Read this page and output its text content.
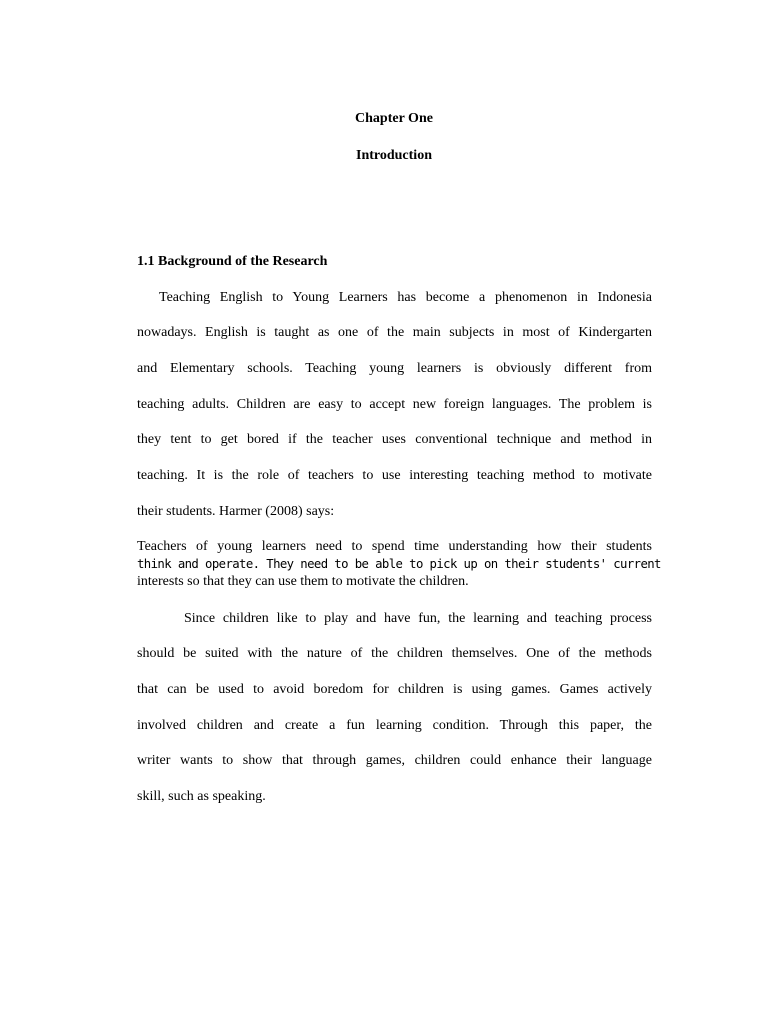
Chapter One
Introduction
1.1 Background of the Research
Teaching English to Young Learners has become a phenomenon in Indonesia
nowadays. English is taught as one of the main subjects in most of Kindergarten
and Elementary schools. Teaching young learners is obviously different from
teaching adults. Children are easy to accept new foreign languages. The problem is
they tent to get bored if the teacher uses conventional technique and method in
teaching. It is the role of teachers to use interesting teaching method to motivate
their students. Harmer (2008) says:
Teachers of young learners need to spend time understanding how their students
think and operate. They need to be able to pick up on their students' current
interests so that they can use them to motivate the children.
Since children like to play and have fun, the learning and teaching process
should be suited with the nature of the children themselves. One of the methods
that can be used to avoid boredom for children is using games. Games actively
involved children and create a fun learning condition. Through this paper, the
writer wants to show that through games, children could enhance their language
skill, such as speaking.
